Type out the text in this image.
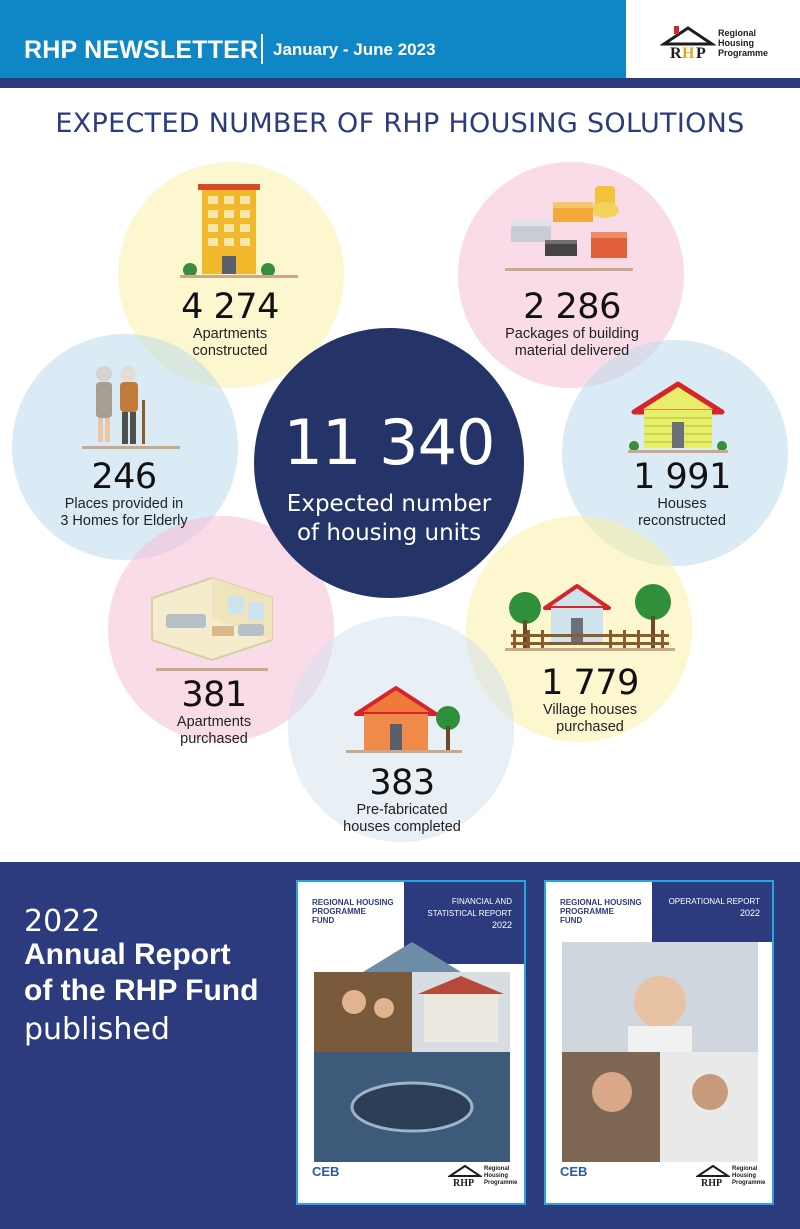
RHP NEWSLETTER January - June 2023	R H P
Regional
Housing
Programme
EXPECTED NUMBER OF RHP HOUSING SOLUTIONS
11 340
Expected number
of housing units
4 274
Apartments
constructed
2 286
Packages of building
material delivered
246
Places provided in
3 Homes for Elderly
1 991
Houses
reconstructed
381
Apartments
purchased
1 779
Village houses
purchased
383
Pre-fabricated
houses completed
2022
Annual Report
of the RHP Fund
published
REGIONAL HOUSING
PROGRAMME
FUND
FINANCIAL AND
STATISTICAL REPORT
2022
CEB
RHP
Regional
Housing
Programme
REGIONAL HOUSING
PROGRAMME
FUND
OPERATIONAL REPORT
2022
CEB
RHP
Regional
Housing
Programme
